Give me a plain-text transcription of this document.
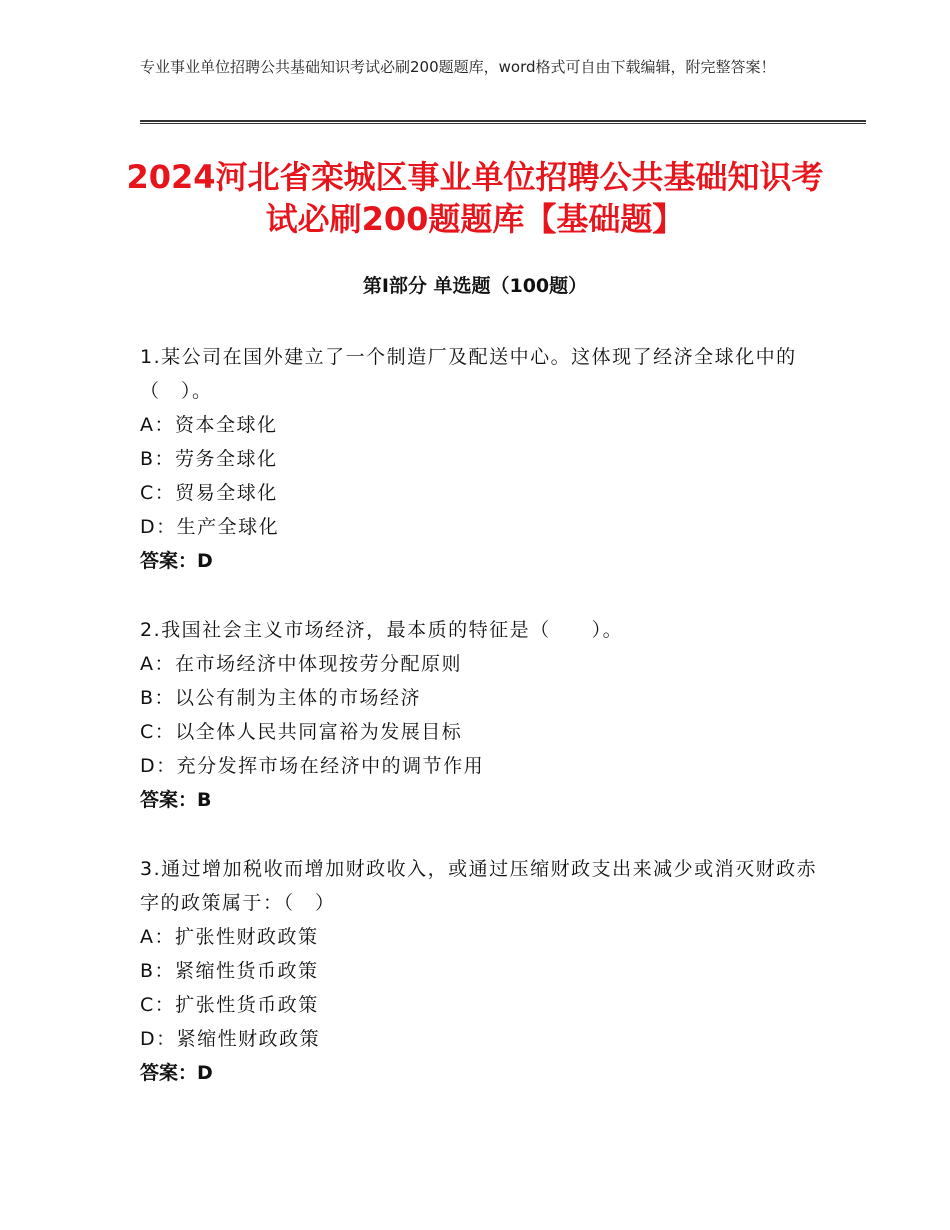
专业事业单位招聘公共基础知识考试必刷200题题库，word格式可自由下载编辑，附完整答案！
2024河北省栾城区事业单位招聘公共基础知识考试必刷200题题库【基础题】
第Ⅰ部分 单选题（100题）
1.某公司在国外建立了一个制造厂及配送中心。这体现了经济全球化中的（　）。
A：资本全球化
B：劳务全球化
C：贸易全球化
D：生产全球化
答案：D
2.我国社会主义市场经济，最本质的特征是（　　）。
A：在市场经济中体现按劳分配原则
B：以公有制为主体的市场经济
C：以全体人民共同富裕为发展目标
D：充分发挥市场在经济中的调节作用
答案：B
3.通过增加税收而增加财政收入，或通过压缩财政支出来减少或消灭财政赤字的政策属于：（　）
A：扩张性财政政策
B：紧缩性货币政策
C：扩张性货币政策
D：紧缩性财政政策
答案：D
